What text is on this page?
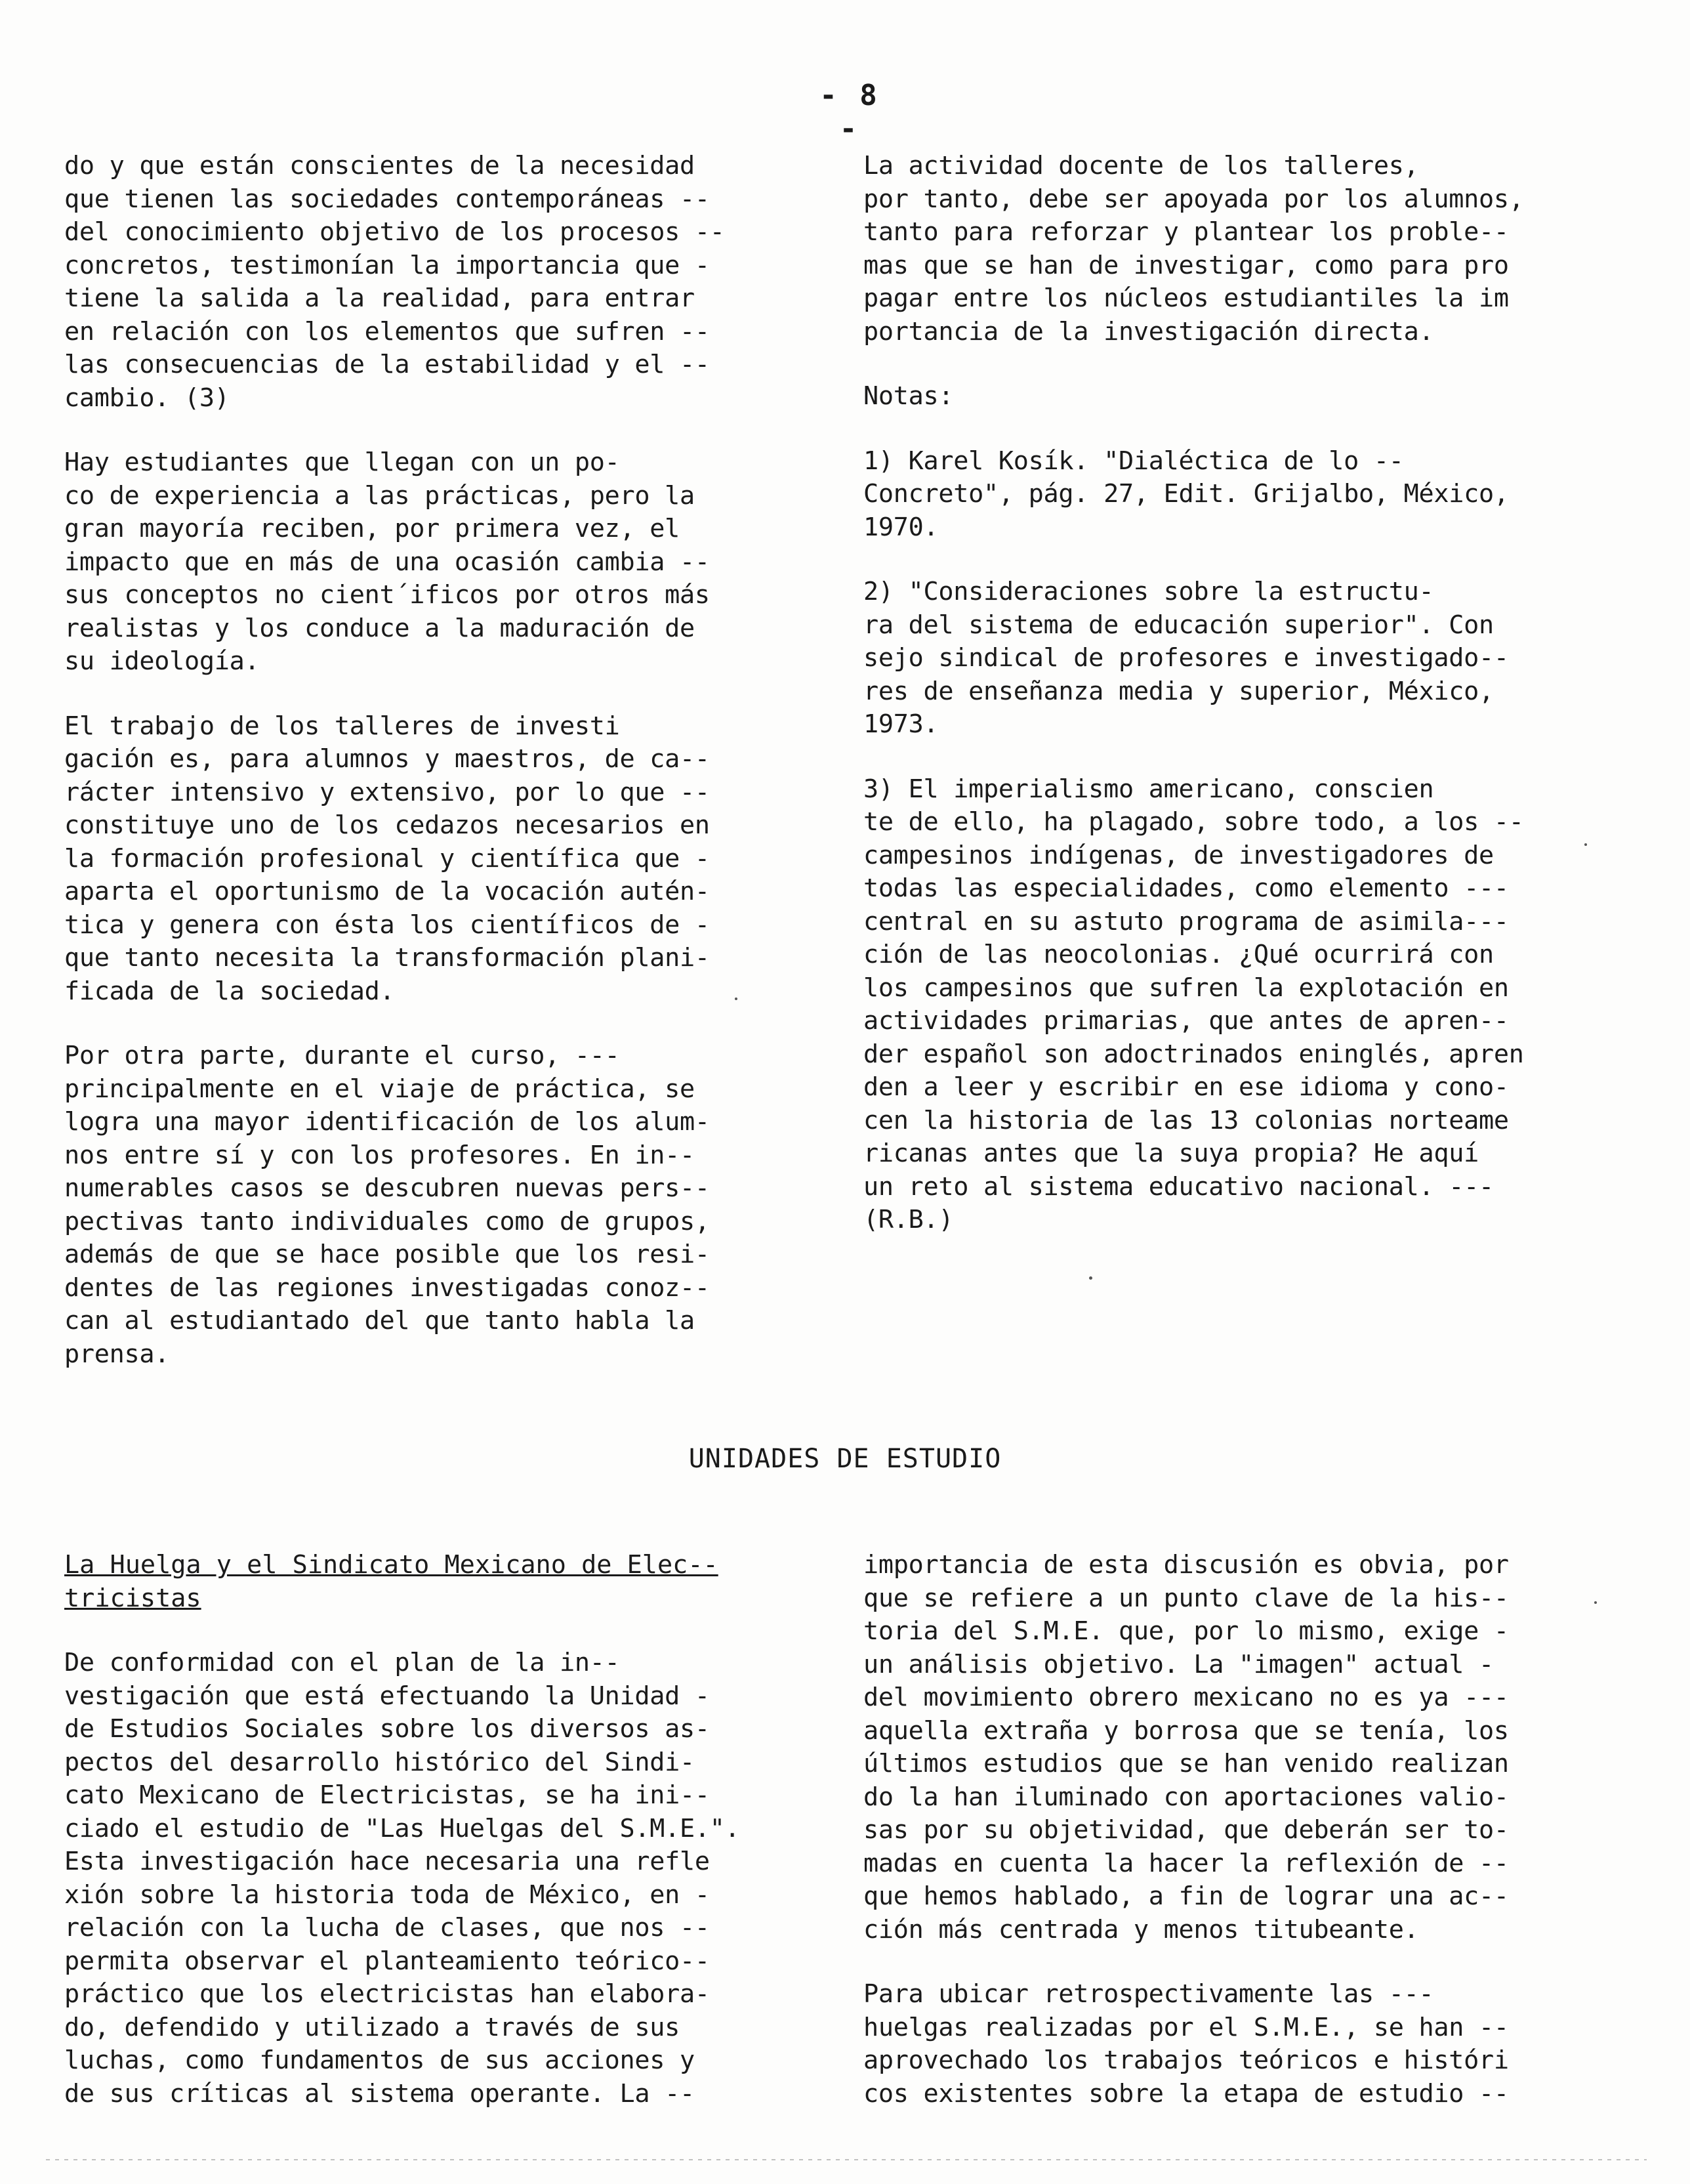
- 8 -

do y que están conscientes de la necesidad
que tienen las sociedades contemporáneas --
del conocimiento objetivo de los procesos --
concretos, testimonían la importancia que -
tiene la salida a la realidad, para entrar
en relación con los elementos que sufren --
las consecuencias de la estabilidad y el --
cambio. (3)

Hay estudiantes que llegan con un po-
co de experiencia a las prácticas, pero la
gran mayoría reciben, por primera vez, el
impacto que en más de una ocasión cambia --
sus conceptos no cient´ificos por otros más
realistas y los conduce a la maduración de
su ideología.

El trabajo de los talleres de investi
gación es, para alumnos y maestros, de ca--
rácter intensivo y extensivo, por lo que --
constituye uno de los cedazos necesarios en
la formación profesional y científica que -
aparta el oportunismo de la vocación autén-
tica y genera con ésta los científicos de -
que tanto necesita la transformación plani-
ficada de la sociedad.

Por otra parte, durante el curso, ---
principalmente en el viaje de práctica, se
logra una mayor identificación de los alum-
nos entre sí y con los profesores. En in--
numerables casos se descubren nuevas pers--
pectivas tanto individuales como de grupos,
además de que se hace posible que los resi-
dentes de las regiones investigadas conoz--
can al estudiantado del que tanto habla la
prensa.

La actividad docente de los talleres,
por tanto, debe ser apoyada por los alumnos,
tanto para reforzar y plantear los proble--
mas que se han de investigar, como para pro
pagar entre los núcleos estudiantiles la im
portancia de la investigación directa.

Notas:

1) Karel Kosík. "Dialéctica de lo --
Concreto", pág. 27, Edit. Grijalbo, México,
1970.

2) "Consideraciones sobre la estructu-
ra del sistema de educación superior". Con
sejo sindical de profesores e investigado--
res de enseñanza media y superior, México,
1973.

3) El imperialismo americano, conscien
te de ello, ha plagado, sobre todo, a los --
campesinos indígenas, de investigadores de
todas las especialidades, como elemento ---
central en su astuto programa de asimila---
ción de las neocolonias. ¿Qué ocurrirá con
los campesinos que sufren la explotación en
actividades primarias, que antes de apren--
der español son adoctrinados eninglés, apren
den a leer y escribir en ese idioma y cono-
cen la historia de las 13 colonias norteame
ricanas antes que la suya propia? He aquí
un reto al sistema educativo nacional. ---
(R.B.)

UNIDADES DE ESTUDIO

La Huelga y el Sindicato Mexicano de Elec--
tricistas

De conformidad con el plan de la in--
vestigación que está efectuando la Unidad -
de Estudios Sociales sobre los diversos as-
pectos del desarrollo histórico del Sindi-
cato Mexicano de Electricistas, se ha ini--
ciado el estudio de "Las Huelgas del S.M.E.".
Esta investigación hace necesaria una refle
xión sobre la historia toda de México, en -
relación con la lucha de clases, que nos --
permita observar el planteamiento teórico--
práctico que los electricistas han elabora-
do, defendido y utilizado a través de sus
luchas, como fundamentos de sus acciones y
de sus críticas al sistema operante. La --

importancia de esta discusión es obvia, por
que se refiere a un punto clave de la his--
toria del S.M.E. que, por lo mismo, exige -
un análisis objetivo. La "imagen" actual -
del movimiento obrero mexicano no es ya ---
aquella extraña y borrosa que se tenía, los
últimos estudios que se han venido realizan
do la han iluminado con aportaciones valio-
sas por su objetividad, que deberán ser to-
madas en cuenta la hacer la reflexión de --
que hemos hablado, a fin de lograr una ac--
ción más centrada y menos titubeante.

Para ubicar retrospectivamente las ---
huelgas realizadas por el S.M.E., se han --
aprovechado los trabajos teóricos e históri
cos existentes sobre la etapa de estudio --
